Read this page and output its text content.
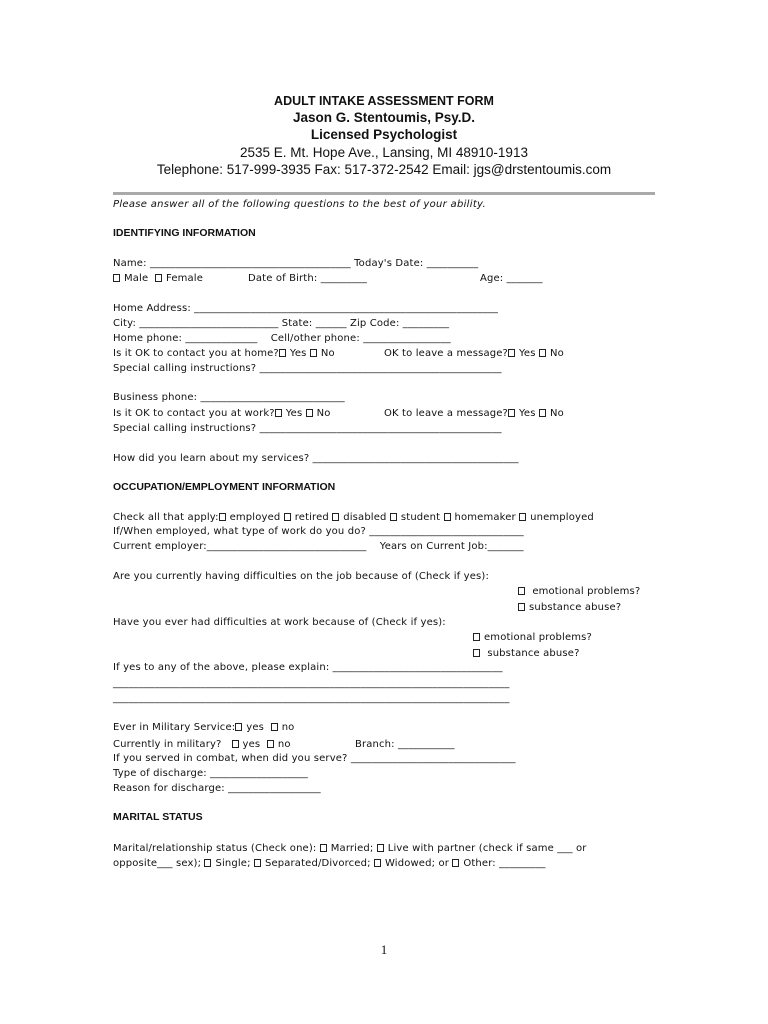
ADULT INTAKE ASSESSMENT FORM
Jason G. Stentoumis, Psy.D.
Licensed Psychologist
2535 E. Mt. Hope Ave., Lansing, MI 48910-1913
Telephone: 517-999-3935 Fax: 517-372-2542 Email: jgs@drstentoumis.com
Please answer all of the following questions to the best of your ability.
IDENTIFYING INFORMATION
Name: _______________________________________ Today's Date: __________
Male Female	Date of Birth: _________	Age: _______
Home Address: ___________________________________________________________
City: ___________________________ State: ______ Zip Code: _________
Home phone: ______________    Cell/other phone: _________________
Is it OK to contact you at home? Yes No	OK to leave a message? Yes No
Special calling instructions? _______________________________________________
Business phone: ____________________________
Is it OK to contact you at work? Yes No	OK to leave a message? Yes No
Special calling instructions? _______________________________________________
How did you learn about my services? ________________________________________
OCCUPATION/EMPLOYMENT INFORMATION
Check all that apply: employed retired disabled student homemaker unemployed
If/When employed, what type of work do you do? ______________________________
Current employer:_______________________________    Years on Current Job:_______
Are you currently having difficulties on the job because of (Check if yes):
emotional problems?
substance abuse?
Have you ever had difficulties at work because of (Check if yes):
emotional problems?
substance abuse?
If yes to any of the above, please explain: _________________________________
_____________________________________________________________________________
_____________________________________________________________________________
Ever in Military Service: yes no
Currently in military? yes no	Branch: ___________
If you served in combat, when did you serve? ________________________________
Type of discharge: ___________________
Reason for discharge: __________________
MARITAL STATUS
Marital/relationship status (Check one): Married; Live with partner (check if same ___ or
opposite___ sex); Single; Separated/Divorced; Widowed; or Other: _________
1
